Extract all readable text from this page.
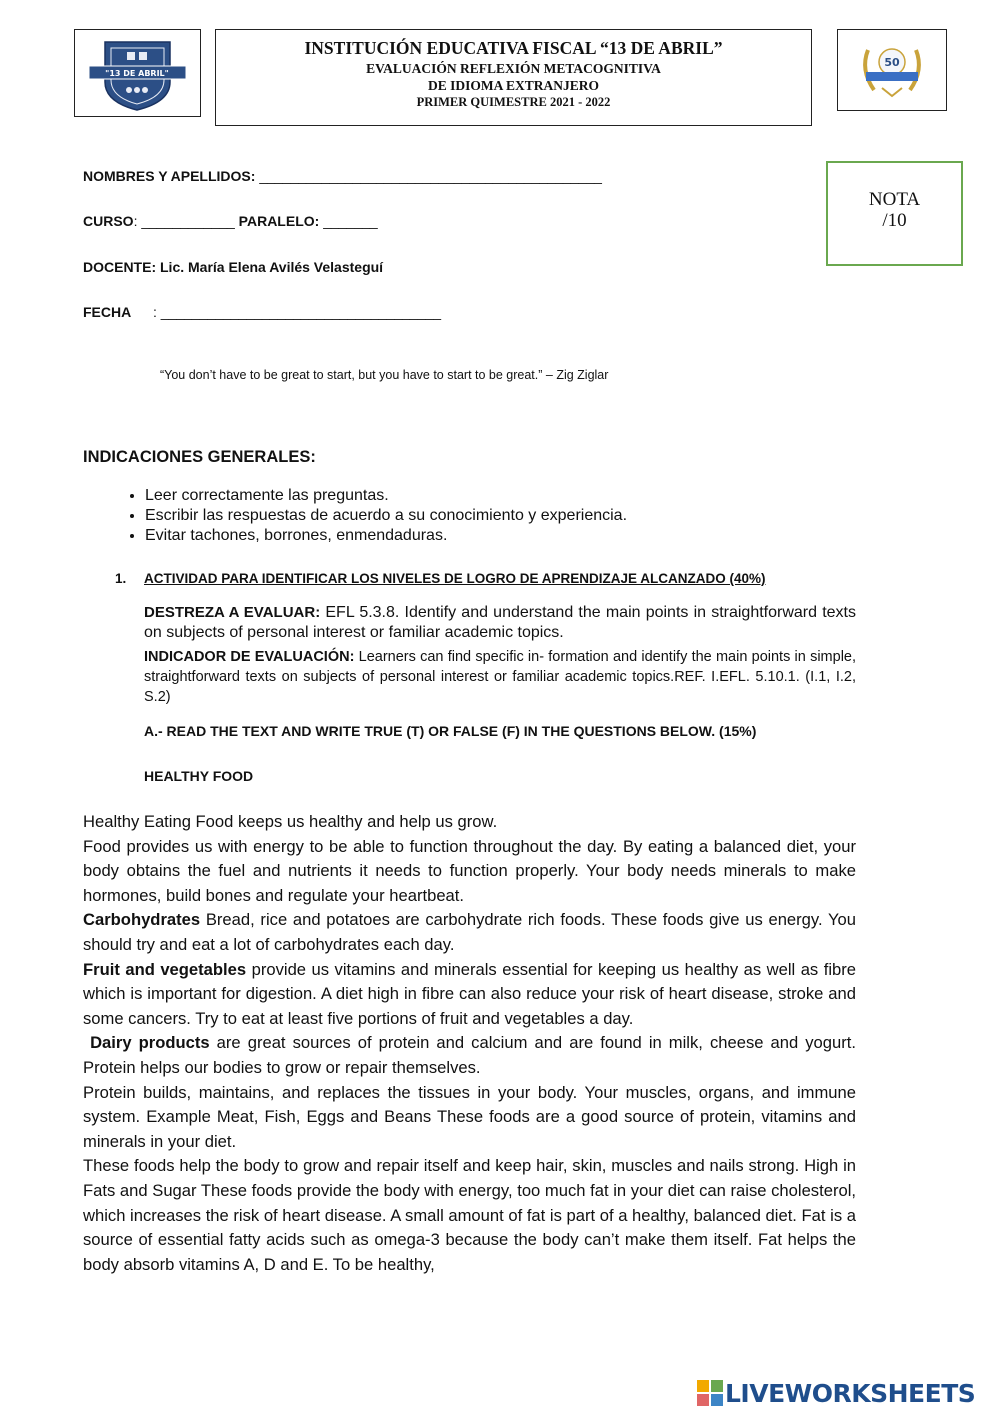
"13 DE ABRIL"
INSTITUCIÓN EDUCATIVA FISCAL “13 DE ABRIL”
EVALUACIÓN REFLEXIÓN METACOGNITIVA
DE IDIOMA EXTRANJERO
PRIMER QUIMESTRE 2021 - 2022
50
NOTA
/10
NOMBRES Y APELLIDOS: ____________________________________________
CURSO: ____________ PARALELO: _______
DOCENTE: Lic. María Elena Avilés Velasteguí
FECHA : ____________________________________
“You don’t have to be great to start, but you have to start to be great.” – Zig Ziglar
INDICACIONES GENERALES:
• Leer correctamente las preguntas.
• Escribir las respuestas de acuerdo a su conocimiento y experiencia.
• Evitar tachones, borrones, enmendaduras.
1. ACTIVIDAD PARA IDENTIFICAR LOS NIVELES DE LOGRO DE APRENDIZAJE ALCANZADO (40%)
DESTREZA A EVALUAR: EFL 5.3.8. Identify and understand the main points in straightforward texts on subjects of personal interest or familiar academic topics.
INDICADOR DE EVALUACIÓN: Learners can find specific in- formation and identify the main points in simple, straightforward texts on subjects of personal interest or familiar academic topics.REF. I.EFL. 5.10.1. (I.1, I.2, S.2)
A.- READ THE TEXT AND WRITE TRUE (T) OR FALSE (F) IN THE QUESTIONS BELOW. (15%)
HEALTHY FOOD

Healthy Eating Food keeps us healthy and help us grow.

Food provides us with energy to be able to function throughout the day. By eating a balanced diet, your body obtains the fuel and nutrients it needs to function properly. Your body needs minerals to make hormones, build bones and regulate your heartbeat.

Carbohydrates Bread, rice and potatoes are carbohydrate rich foods. These foods give us energy. You should try and eat a lot of carbohydrates each day.

Fruit and vegetables provide us vitamins and minerals essential for keeping us healthy as well as fibre which is important for digestion. A diet high in fibre can also reduce your risk of heart disease, stroke and some cancers. Try to eat at least five portions of fruit and vegetables a day.

Dairy products are great sources of protein and calcium and are found in milk, cheese and yogurt. Protein helps our bodies to grow or repair themselves.

Protein builds, maintains, and replaces the tissues in your body. Your muscles, organs, and immune system. Example Meat, Fish, Eggs and Beans These foods are a good source of protein, vitamins and minerals in your diet.

These foods help the body to grow and repair itself and keep hair, skin, muscles and nails strong. High in Fats and Sugar These foods provide the body with energy, too much fat in your diet can raise cholesterol, which increases the risk of heart disease. A small amount of fat is part of a healthy, balanced diet. Fat is a source of essential fatty acids such as omega-3 because the body can’t make them itself. Fat helps the body absorb vitamins A, D and E. To be healthy,

LIVEWORKSHEETS
